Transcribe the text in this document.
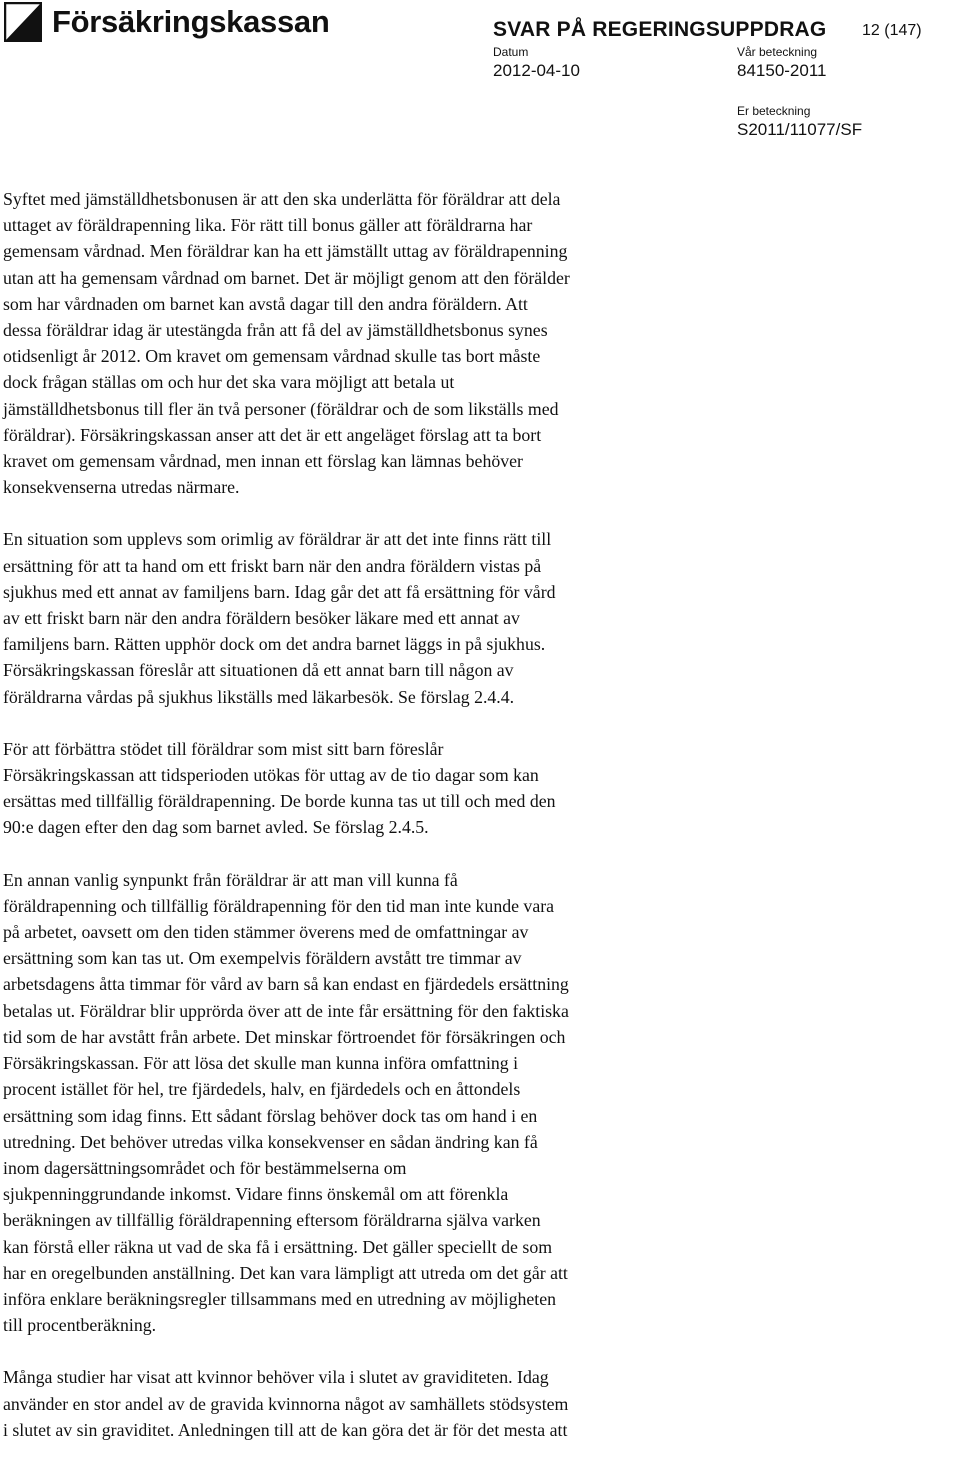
Försäkringskassan	SVAR PÅ REGERINGSUPPDRAG 12 (147)
Datum
2012-04-10
Vår beteckning
84150-2011
Er beteckning
S2011/11077/SF

Syftet med jämställdhetsbonusen är att den ska underlätta för föräldrar att dela
uttaget av föräldrapenning lika. För rätt till bonus gäller att föräldrarna har
gemensam vårdnad. Men föräldrar kan ha ett jämställt uttag av föräldrapenning
utan att ha gemensam vårdnad om barnet. Det är möjligt genom att den förälder
som har vårdnaden om barnet kan avstå dagar till den andra föräldern. Att
dessa föräldrar idag är utestängda från att få del av jämställdhetsbonus synes
otidsenligt år 2012. Om kravet om gemensam vårdnad skulle tas bort måste
dock frågan ställas om och hur det ska vara möjligt att betala ut
jämställdhetsbonus till fler än två personer (föräldrar och de som likställs med
föräldrar). Försäkringskassan anser att det är ett angeläget förslag att ta bort
kravet om gemensam vårdnad, men innan ett förslag kan lämnas behöver
konsekvenserna utredas närmare.

En situation som upplevs som orimlig av föräldrar är att det inte finns rätt till
ersättning för att ta hand om ett friskt barn när den andra föräldern vistas på
sjukhus med ett annat av familjens barn. Idag går det att få ersättning för vård
av ett friskt barn när den andra föräldern besöker läkare med ett annat av
familjens barn. Rätten upphör dock om det andra barnet läggs in på sjukhus.
Försäkringskassan föreslår att situationen då ett annat barn till någon av
föräldrarna vårdas på sjukhus likställs med läkarbesök. Se förslag 2.4.4.

För att förbättra stödet till föräldrar som mist sitt barn föreslår
Försäkringskassan att tidsperioden utökas för uttag av de tio dagar som kan
ersättas med tillfällig föräldrapenning. De borde kunna tas ut till och med den
90:e dagen efter den dag som barnet avled. Se förslag 2.4.5.

En annan vanlig synpunkt från föräldrar är att man vill kunna få
föräldrapenning och tillfällig föräldrapenning för den tid man inte kunde vara
på arbetet, oavsett om den tiden stämmer överens med de omfattningar av
ersättning som kan tas ut. Om exempelvis föräldern avstått tre timmar av
arbetsdagens åtta timmar för vård av barn så kan endast en fjärdedels ersättning
betalas ut. Föräldrar blir upprörda över att de inte får ersättning för den faktiska
tid som de har avstått från arbete. Det minskar förtroendet för försäkringen och
Försäkringskassan. För att lösa det skulle man kunna införa omfattning i
procent istället för hel, tre fjärdedels, halv, en fjärdedels och en åttondels
ersättning som idag finns. Ett sådant förslag behöver dock tas om hand i en
utredning. Det behöver utredas vilka konsekvenser en sådan ändring kan få
inom dagersättningsområdet och för bestämmelserna om
sjukpenninggrundande inkomst. Vidare finns önskemål om att förenkla
beräkningen av tillfällig föräldrapenning eftersom föräldrarna själva varken
kan förstå eller räkna ut vad de ska få i ersättning. Det gäller speciellt de som
har en oregelbunden anställning. Det kan vara lämpligt att utreda om det går att
införa enklare beräkningsregler tillsammans med en utredning av möjligheten
till procentberäkning.

Många studier har visat att kvinnor behöver vila i slutet av graviditeten. Idag
använder en stor andel av de gravida kvinnorna något av samhällets stödsystem
i slutet av sin graviditet. Anledningen till att de kan göra det är för det mesta att
